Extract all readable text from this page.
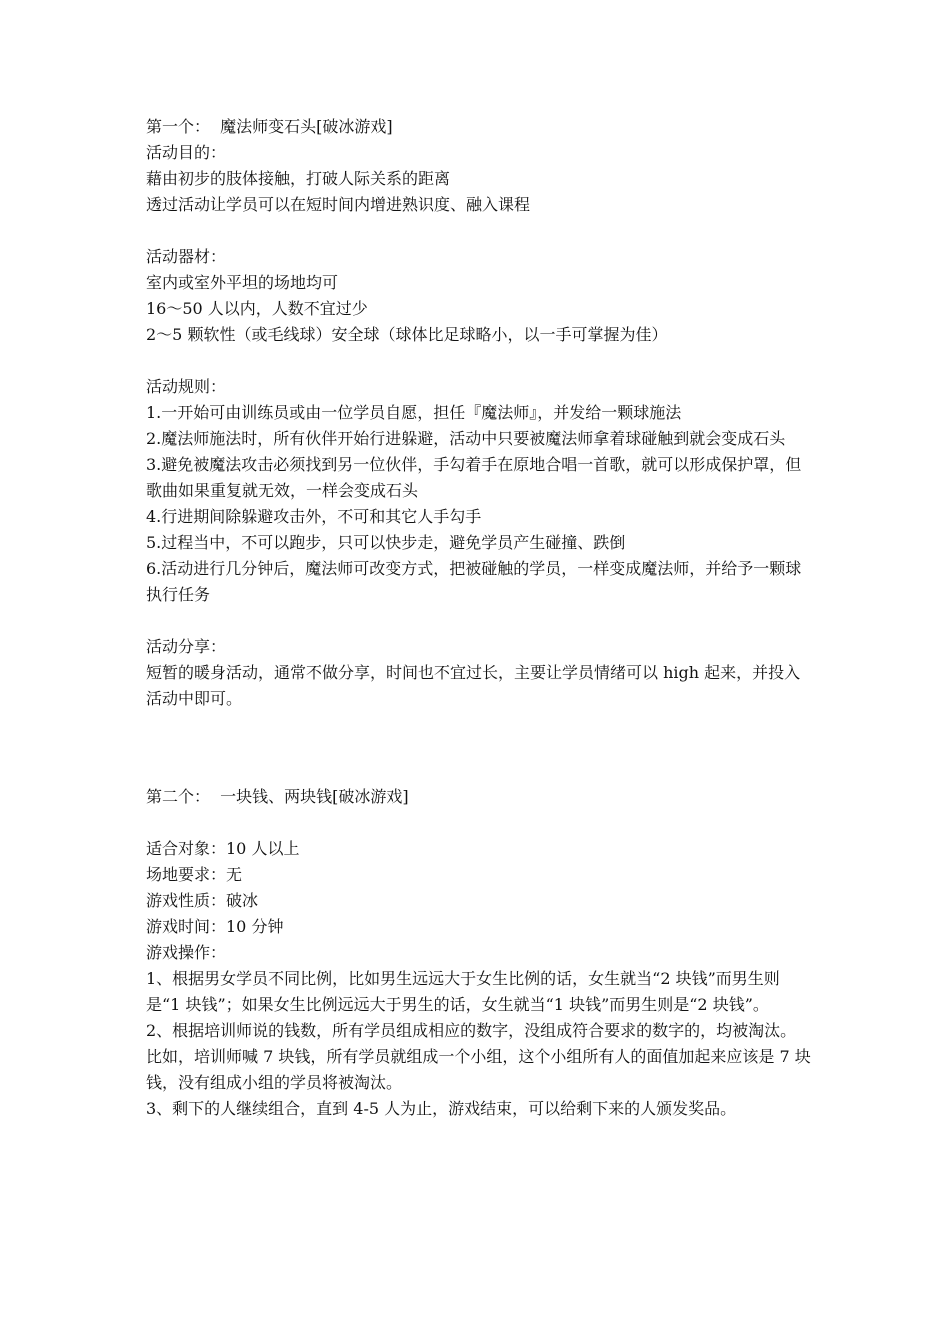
第一个：  魔法师变石头[破冰游戏]
活动目的：
藉由初步的肢体接触，打破人际关系的距离
透过活动让学员可以在短时间内增进熟识度、融入课程
活动器材：
室内或室外平坦的场地均可
16～50 人以内，人数不宜过少
2～5 颗软性（或毛线球）安全球（球体比足球略小，以一手可掌握为佳）
活动规则：
1.一开始可由训练员或由一位学员自愿，担任『魔法师』，并发给一颗球施法
2.魔法师施法时，所有伙伴开始行进躲避，活动中只要被魔法师拿着球碰触到就会变成石头
3.避免被魔法攻击必须找到另一位伙伴，手勾着手在原地合唱一首歌，就可以形成保护罩，但歌曲如果重复就无效，一样会变成石头
4.行进期间除躲避攻击外，不可和其它人手勾手
5.过程当中，不可以跑步，只可以快步走，避免学员产生碰撞、跌倒
6.活动进行几分钟后，魔法师可改变方式，把被碰触的学员，一样变成魔法师，并给予一颗球执行任务
活动分享：
短暂的暖身活动，通常不做分享，时间也不宜过长，主要让学员情绪可以 high 起来，并投入活动中即可。
第二个：  一块钱、两块钱[破冰游戏]
适合对象：10 人以上
场地要求：无
游戏性质：破冰
游戏时间：10 分钟
游戏操作：
1、根据男女学员不同比例，比如男生远远大于女生比例的话，女生就当“2 块钱”而男生则是“1 块钱”；如果女生比例远远大于男生的话，女生就当“1 块钱”而男生则是“2 块钱”。
2、根据培训师说的钱数，所有学员组成相应的数字，没组成符合要求的数字的，均被淘汰。比如，培训师喊 7 块钱，所有学员就组成一个小组，这个小组所有人的面值加起来应该是 7 块钱，没有组成小组的学员将被淘汰。
3、剩下的人继续组合，直到 4-5 人为止，游戏结束，可以给剩下来的人颁发奖品。
